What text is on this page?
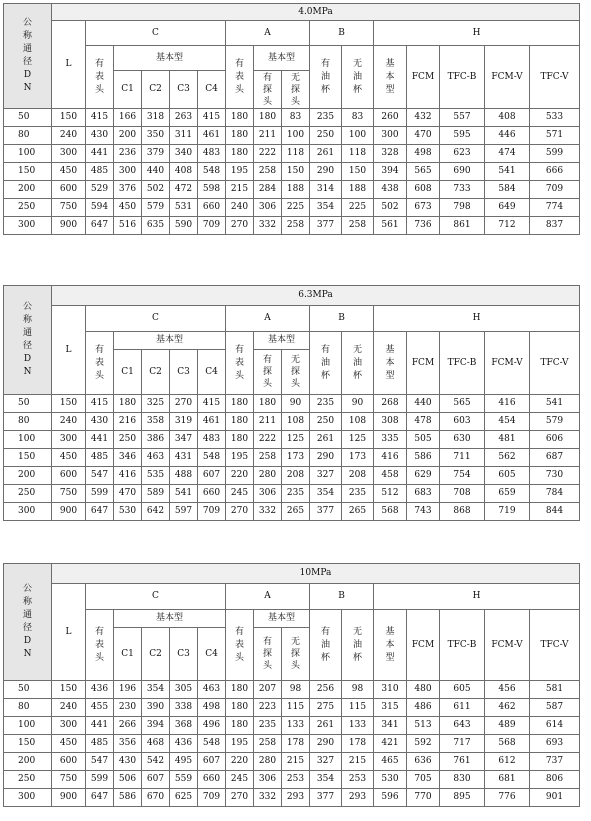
公称通径DN	4.0MPa															
	L	C					A			B		H				
		有表头	基本型				有表头	基本型		有油杯	无油杯	基本型	FCM	TFC-B	FCM-V	TFC-V
			C1	C2	C3	C4		有探头	无探头							
50	150	415	166	318	263	415	180	180	83	235	83	260	432	557	408	533
80	240	430	200	350	311	461	180	211	100	250	100	300	470	595	446	571
100	300	441	236	379	340	483	180	222	118	261	118	328	498	623	474	599
150	450	485	300	440	408	548	195	258	150	290	150	394	565	690	541	666
200	600	529	376	502	472	598	215	284	188	314	188	438	608	733	584	709
250	750	594	450	579	531	660	240	306	225	354	225	502	673	798	649	774
300	900	647	516	635	590	709	270	332	258	377	258	561	736	861	712	837
公称通径DN	6.3MPa															
	L	C					A			B		H				
		有表头	基本型				有表头	基本型		有油杯	无油杯	基本型	FCM	TFC-B	FCM-V	TFC-V
			C1	C2	C3	C4		有探头	无探头							
50	150	415	180	325	270	415	180	180	90	235	90	268	440	565	416	541
80	240	430	216	358	319	461	180	211	108	250	108	308	478	603	454	579
100	300	441	250	386	347	483	180	222	125	261	125	335	505	630	481	606
150	450	485	346	463	431	548	195	258	173	290	173	416	586	711	562	687
200	600	547	416	535	488	607	220	280	208	327	208	458	629	754	605	730
250	750	599	470	589	541	660	245	306	235	354	235	512	683	708	659	784
300	900	647	530	642	597	709	270	332	265	377	265	568	743	868	719	844
公称通径DN	10MPa															
	L	C					A			B		H				
		有表头	基本型				有表头	基本型		有油杯	无油杯	基本型	FCM	TFC-B	FCM-V	TFC-V
			C1	C2	C3	C4		有探头	无探头							
50	150	436	196	354	305	463	180	207	98	256	98	310	480	605	456	581
80	240	455	230	390	338	498	180	223	115	275	115	315	486	611	462	587
100	300	441	266	394	368	496	180	235	133	261	133	341	513	643	489	614
150	450	485	356	468	436	548	195	258	178	290	178	421	592	717	568	693
200	600	547	430	542	495	607	220	280	215	327	215	465	636	761	612	737
250	750	599	506	607	559	660	245	306	253	354	253	530	705	830	681	806
300	900	647	586	670	625	709	270	332	293	377	293	596	770	895	776	901
